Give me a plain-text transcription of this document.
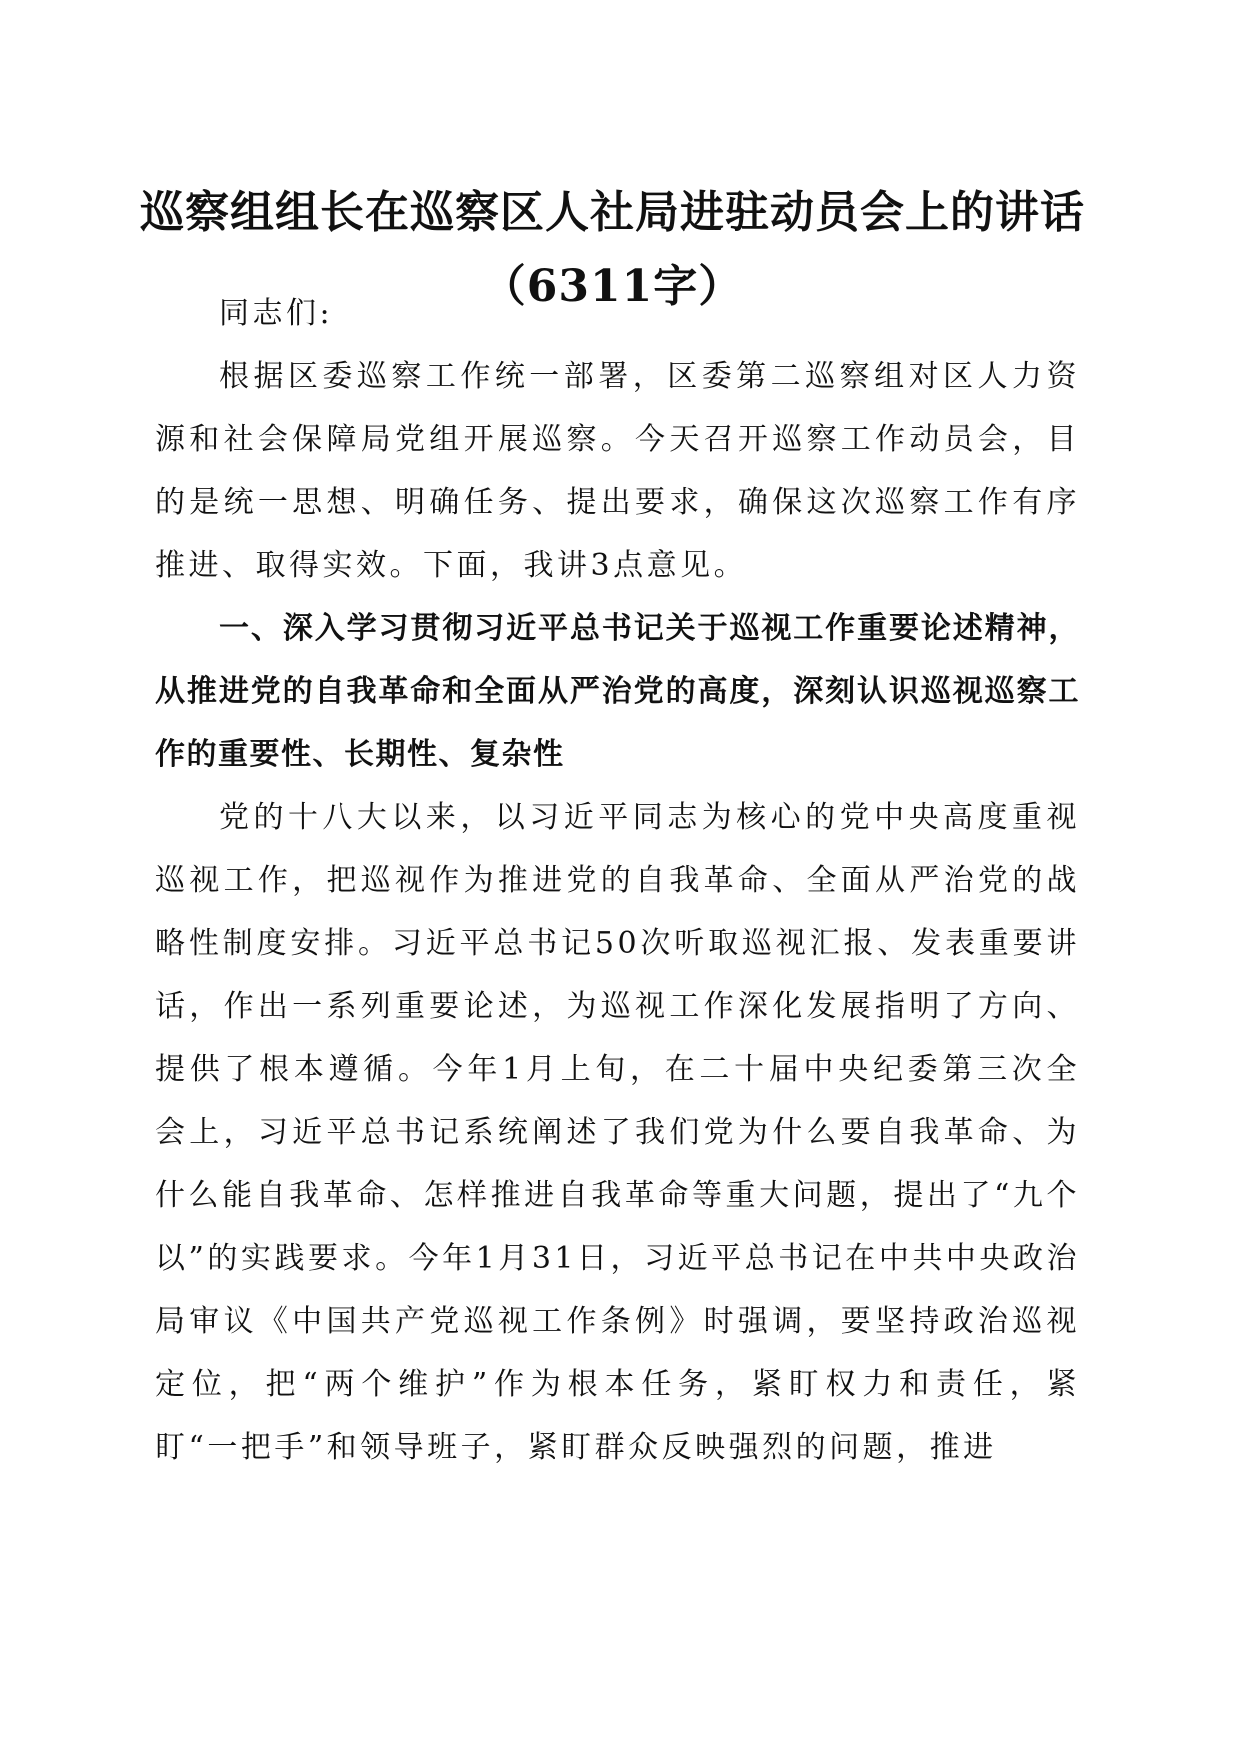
巡察组组长在巡察区人社局进驻动员会上的讲话（6311字）

同志们:

根据区委巡察工作统一部署，区委第二巡察组对区人力资源和社会保障局党组开展巡察。今天召开巡察工作动员会，目的是统一思想、明确任务、提出要求，确保这次巡察工作有序推进、取得实效。下面，我讲3点意见。

一、深入学习贯彻习近平总书记关于巡视工作重要论述精神，从推进党的自我革命和全面从严治党的高度，深刻认识巡视巡察工作的重要性、长期性、复杂性

党的十八大以来，以习近平同志为核心的党中央高度重视巡视工作，把巡视作为推进党的自我革命、全面从严治党的战略性制度安排。习近平总书记50次听取巡视汇报、发表重要讲话，作出一系列重要论述，为巡视工作深化发展指明了方向、提供了根本遵循。今年1月上旬，在二十届中央纪委第三次全会上，习近平总书记系统阐述了我们党为什么要自我革命、为什么能自我革命、怎样推进自我革命等重大问题，提出了“九个以”的实践要求。今年1月31日，习近平总书记在中共中央政治局审议《中国共产党巡视工作条例》时强调，要坚持政治巡视定位，把“两个维护”作为根本任务，紧盯权力和责任，紧盯“一把手”和领导班子，紧盯群众反映强烈的问题，推进
